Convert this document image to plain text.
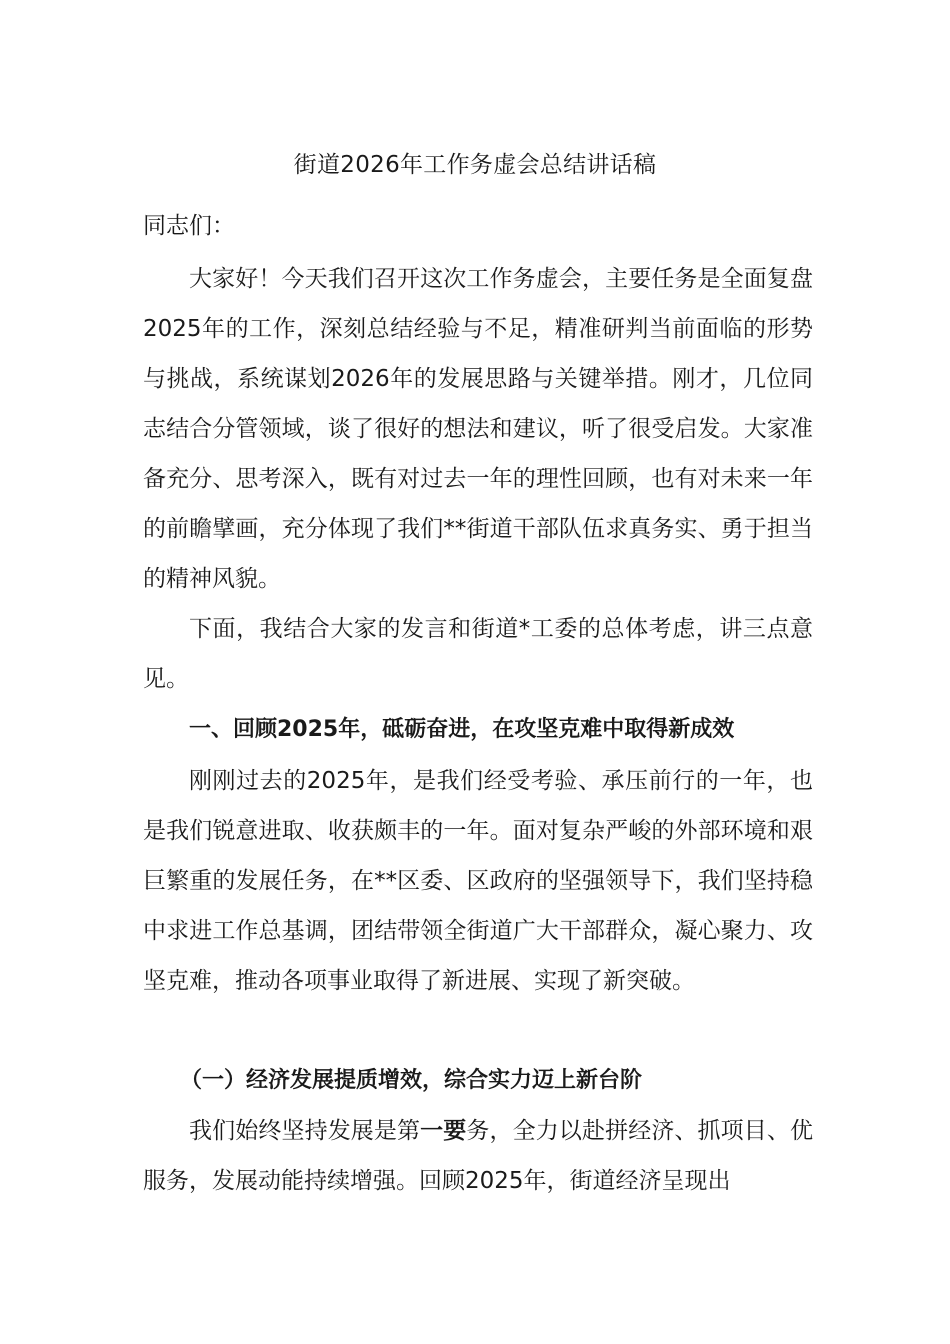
街道2026年工作务虚会总结讲话稿
同志们：

大家好！今天我们召开这次工作务虚会，主要任务是全面复盘2025年的工作，深刻总结经验与不足，精准研判当前面临的形势与挑战，系统谋划2026年的发展思路与关键举措。刚才，几位同志结合分管领域，谈了很好的想法和建议，听了很受启发。大家准备充分、思考深入，既有对过去一年的理性回顾，也有对未来一年的前瞻擘画，充分体现了我们**街道干部队伍求真务实、勇于担当的精神风貌。

下面，我结合大家的发言和街道*工委的总体考虑，讲三点意见。

一、回顾2025年，砥砺奋进，在攻坚克难中取得新成效

刚刚过去的2025年，是我们经受考验、承压前行的一年，也是我们锐意进取、收获颇丰的一年。面对复杂严峻的外部环境和艰巨繁重的发展任务，在**区委、区政府的坚强领导下，我们坚持稳中求进工作总基调，团结带领全街道广大干部群众，凝心聚力、攻坚克难，推动各项事业取得了新进展、实现了新突破。

（一）经济发展提质增效，综合实力迈上新台阶

我们始终坚持发展是第一要务，全力以赴拼经济、抓项目、优服务，发展动能持续增强。回顾2025年，街道经济呈现出
